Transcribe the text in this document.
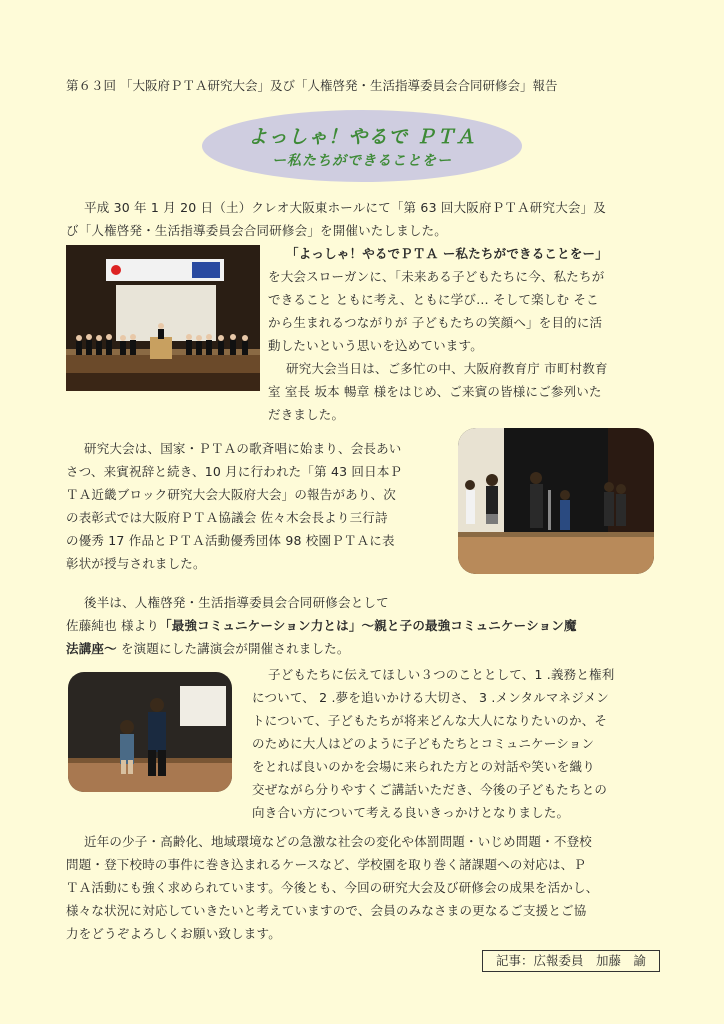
第６３回 「大阪府ＰＴＡ研究大会」及び「人権啓発・生活指導委員会合同研修会」報告
よっしゃ！やるで ＰＴＡ
ー私たちができることをー

平成 30 年 1 月 20 日（土）クレオ大阪東ホールにて「第 63 回大阪府ＰＴＡ研究大会」及

び「人権啓発・生活指導委員会合同研修会」を開催いたしました。

「よっしゃ！やるでＰＴＡ ー私たちができることをー」

を大会スローガンに、「未来ある子どもたちに今、私たちが

できること ともに考え、ともに学び… そして楽しむ そこ

から生まれるつながりが 子どもたちの笑顔へ」を目的に活

動したいという思いを込めています。

研究大会当日は、ご多忙の中、大阪府教育庁 市町村教育

室 室長 坂本 暢章 様をはじめ、ご来賓の皆様にご参列いた

だきました。

研究大会は、国家・ＰＴＡの歌斉唱に始まり、会長あい

さつ、来賓祝辞と続き、10 月に行われた「第 43 回日本Ｐ

ＴＡ近畿ブロック研究大会大阪府大会」の報告があり、次

の表彰式では大阪府ＰＴＡ協議会 佐々木会長より三行詩

の優秀 17 作品とＰＴＡ活動優秀団体 98 校園ＰＴＡに表

彰状が授与されました。

後半は、人権啓発・生活指導委員会合同研修会として

佐藤純也 様より「最強コミュニケーション力とは」～親と子の最強コミュニケーション魔

法講座～ を演題にした講演会が開催されました。

子どもたちに伝えてほしい３つのこととして、1 .義務と権利

について、 2 .夢を追いかける大切さ、 3 .メンタルマネジメン

トについて、子どもたちが将来どんな大人になりたいのか、そ

のために大人はどのように子どもたちとコミュニケーション

をとれば良いのかを会場に来られた方との対話や笑いを織り

交ぜながら分りやすくご講話いただき、今後の子どもたちとの

向き合い方について考える良いきっかけとなりました。

近年の少子・高齢化、地域環境などの急激な社会の変化や体罰問題・いじめ問題・不登校

問題・登下校時の事件に巻き込まれるケースなど、学校園を取り巻く諸課題への対応は、Ｐ

ＴＡ活動にも強く求められています。今後とも、今回の研究大会及び研修会の成果を活かし、

様々な状況に対応していきたいと考えていますので、会員のみなさまの更なるご支援とご協

力をどうぞよろしくお願い致します。

記事：広報委員　加藤　諭
